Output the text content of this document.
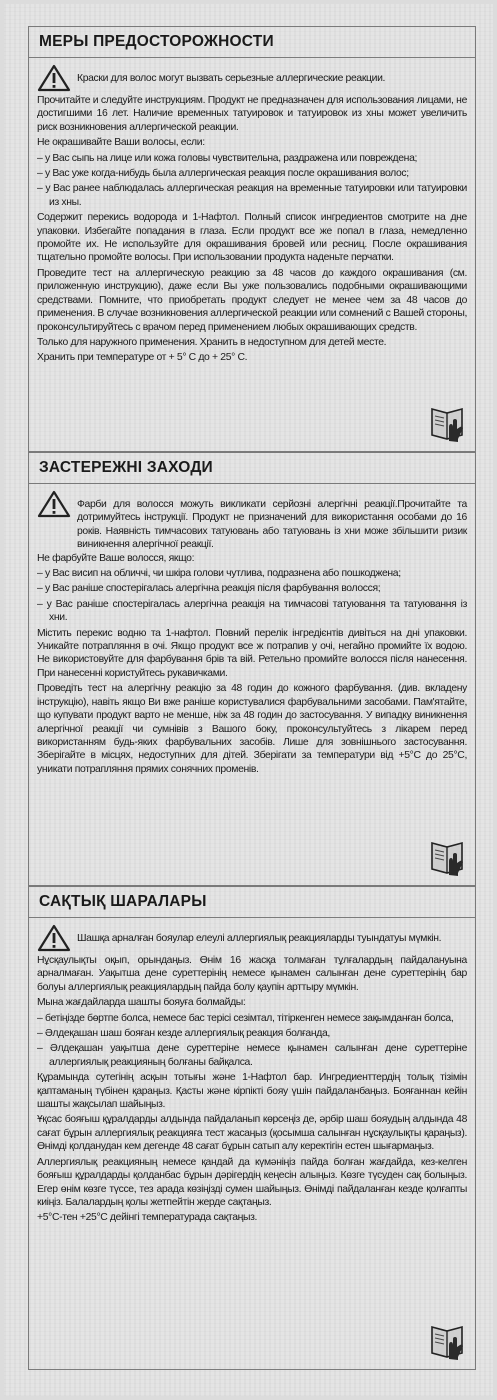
МЕРЫ ПРЕДОСТОРОЖНОСТИ
Краски для волос могут вызвать серьезные аллергические реакции.

Прочитайте и следуйте инструкциям. Продукт не предназначен для использования лицами, не достигшими 16 лет. Наличие временных татуировок и татуировок из хны может увеличить риск возникновения аллергической реакции.

Не окрашивайте Ваши волосы, если:

– у Вас сыпь на лице или кожа головы чувствительна, раздражена или повреждена;

– у Вас уже когда-нибудь была аллергическая реакция после окрашивания волос;

– у Вас ранее наблюдалась аллергическая реакция на временные татуировки или татуировки из хны.

Содержит перекись водорода и 1-Нафтол. Полный список ингредиентов смотрите на дне упаковки. Избегайте попадания в глаза. Если продукт все же попал в глаза, немедленно промойте их. Не используйте для окрашивания бровей или ресниц. После окрашивания тщательно промойте волосы. При использовании продукта наденьте перчатки.

Проведите тест на аллергическую реакцию за 48 часов до каждого окрашивания (см. приложенную инструкцию), даже если Вы уже пользовались подобными окрашивающими средствами. Помните, что приобретать продукт следует не менее чем за 48 часов до применения. В случае возникновения аллергической реакции или сомнений с Вашей стороны, проконсультируйтесь с врачом перед применением любых окрашивающих средств.

Только для наружного применения. Хранить в недоступном для детей месте.

Хранить при температуре от + 5° С до + 25° С.

ЗАСТЕРЕЖНІ ЗАХОДИ
Фарби для волосся можуть викликати серйозні алергічні реакції.Прочитайте та дотримуйтесь інструкції. Продукт не призначений для використання особами до 16 років. Наявність тимчасових татуювань або татуювань із хни може збільшити ризик виникнення алергічної реакції.

Не фарбуйте Ваше волосся, якщо:

– у Вас висип на обличчі, чи шкіра голови чутлива, подразнена або пошкоджена;

– у Вас раніше спостерігалась алергічна реакція після фарбування волосся;

– у Вас раніше спостерігалась алергічна реакція на тимчасові татуювання та татуювання із хни.

Містить перекис водню та 1-нафтол. Повний перелік інгредієнтів дивіться на дні упаковки. Уникайте потрапляння в очі. Якщо продукт все ж потрапив у очі, негайно промийте їх водою. Не використовуйте для фарбування брів та вій. Ретельно промийте волосся після нанесення. При нанесенні користуйтесь рукавичками.

Проведіть тест на алергічну реакцію за 48 годин до кожного фарбування. (див. вкладену інструкцію), навіть якщо Ви вже раніше користувалися фарбувальними засобами. Пам'ятайте, що купувати продукт варто не менше, ніж за 48 годин до застосування. У випадку виникнення алергічної реакції чи сумнівів з Вашого боку, проконсультуйтесь з лікарем перед використанням будь-яких фарбувальних засобів. Лише для зовнішнього застосування. Зберігайте в місцях, недоступних для дітей. Зберігати за температури від +5°С до 25°С, уникати потрапляння прямих сонячних променів.

САҚТЫҚ ШАРАЛАРЫ
Шашқа арналған бояулар елеулі аллергиялық реакцияларды туындатуы мүмкін.

Нұсқаулықты оқып, орындаңыз. Өнім 16 жасқа толмаған тұлғалардың пайдалануына арналмаған. Уақытша дене суреттерінің немесе қынамен салынған дене суреттерінің бар болуы аллергиялық реакциялардың пайда болу қаупін арттыру мүмкін.

Мына жағдайларда шашты бояуға болмайды:

– бетіңізде бөртпе болса, немесе бас терісі сезімтал, тітіркенген немесе зақымданған болса,

– Әлдеқашан шаш бояған кезде аллергиялық реакция болғанда,

– Әлдеқашан уақытша дене суреттеріне немесе қынамен салынған дене суреттеріне аллергиялық реакцияның болғаны байқалса.

Құрамында сутегінің асқын тотығы және 1-Нафтол бар. Ингредиенттердің толық тізімін қаптаманың түбінен қараңыз. Қасты және кірпікті бояу үшін пайдаланбаңыз. Бояғаннан кейін шашты жақсылап шайыңыз.

Ұқсас бояғыш құралдарды алдында пайдаланып көрсеңіз де, әрбір шаш бояудың алдында 48 сағат бұрын аллергиялық реакцияға тест жасаңыз (қосымша салынған нұсқаулықты қараңыз). Өнімді қолданудан кем дегенде 48 сағат бұрын сатып алу керектігін естен шығармаңыз.

Аллергиялық реакцияның немесе қандай да күмәніңіз пайда болған жағдайда, кез-келген бояғыш құралдарды қолданбас бұрын дәрігердің кеңесін алыңыз. Көзге түсуден сақ болыңыз. Егер өнім көзге түссе, тез арада көзіңізді сумен шайыңыз. Өнімді пайдаланған кезде қолғапты киіңіз. Балалардың қолы жетпейтін жерде сақтаңыз.

+5°С-тен +25°С дейінгі температурада сақтаңыз.
